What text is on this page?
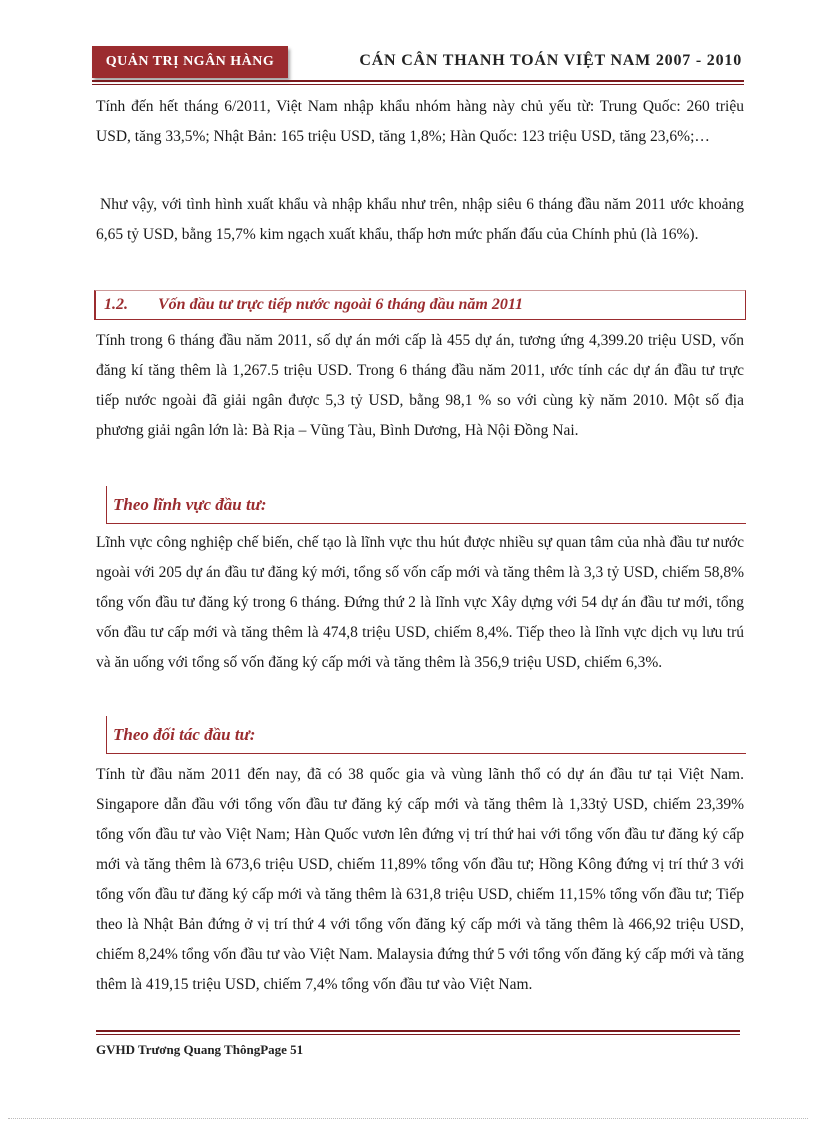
QUẢN TRỊ NGÂN HÀNG	CÁN CÂN THANH TOÁN VIỆT NAM 2007 - 2010

Tính đến hết tháng 6/2011, Việt Nam nhập khẩu nhóm hàng này chủ yếu từ: Trung Quốc: 260 triệu USD, tăng 33,5%; Nhật Bản: 165 triệu USD, tăng 1,8%; Hàn Quốc: 123 triệu USD, tăng 23,6%;…

Như vậy, với tình hình xuất khẩu và nhập khẩu như trên, nhập siêu 6 tháng đầu năm 2011 ước khoảng 6,65 tỷ USD, bằng 15,7% kim ngạch xuất khẩu, thấp hơn mức phấn đấu của Chính phủ (là 16%).

1.2.	Vốn đầu tư trực tiếp nước ngoài 6 tháng đầu năm 2011

Tính trong 6 tháng đầu năm 2011, số dự án mới cấp là 455 dự án, tương ứng 4,399.20 triệu USD, vốn đăng kí tăng thêm là 1,267.5 triệu USD. Trong 6 tháng đầu năm 2011, ước tính các dự án đầu tư trực tiếp nước ngoài đã giải ngân được 5,3 tỷ USD, bằng 98,1 % so với cùng kỳ năm 2010. Một số địa phương giải ngân lớn là: Bà Rịa – Vũng Tàu, Bình Dương, Hà Nội Đồng Nai.

Theo lĩnh vực đầu tư:

Lĩnh vực công nghiệp chế biến, chế tạo là lĩnh vực thu hút được nhiều sự quan tâm của nhà đầu tư nước ngoài với 205 dự án đầu tư đăng ký mới, tổng số vốn cấp mới và tăng thêm là 3,3 tỷ USD, chiếm 58,8% tổng vốn đầu tư đăng ký trong 6 tháng. Đứng thứ 2 là lĩnh vực Xây dựng với 54 dự án đầu tư mới, tổng vốn đầu tư cấp mới và tăng thêm là 474,8 triệu USD, chiếm 8,4%. Tiếp theo là lĩnh vực dịch vụ lưu trú và ăn uống với tổng số vốn đăng ký cấp mới và tăng thêm là 356,9 triệu USD, chiếm 6,3%.

Theo đối tác đầu tư:

Tính từ đầu năm 2011 đến nay, đã có 38 quốc gia và vùng lãnh thổ có dự án đầu tư tại Việt Nam. Singapore dẫn đầu với tổng vốn đầu tư đăng ký cấp mới và tăng thêm là 1,33tỷ USD, chiếm 23,39% tổng vốn đầu tư vào Việt Nam; Hàn Quốc vươn lên đứng vị trí thứ hai với tổng vốn đầu tư đăng ký cấp mới và tăng thêm là 673,6 triệu USD, chiếm 11,89% tổng vốn đầu tư; Hồng Kông đứng vị trí thứ 3 với tổng vốn đầu tư đăng ký cấp mới và tăng thêm là 631,8 triệu USD, chiếm 11,15% tổng vốn đầu tư; Tiếp theo là Nhật Bản đứng ở vị trí thứ 4 với tổng vốn đăng ký cấp mới và tăng thêm là 466,92 triệu USD, chiếm 8,24% tổng vốn đầu tư vào Việt Nam. Malaysia đứng thứ 5 với tổng vốn đăng ký cấp mới và tăng thêm là 419,15 triệu USD, chiếm 7,4% tổng vốn đầu tư vào Việt Nam.

GVHD Trương Quang ThôngPage 51
